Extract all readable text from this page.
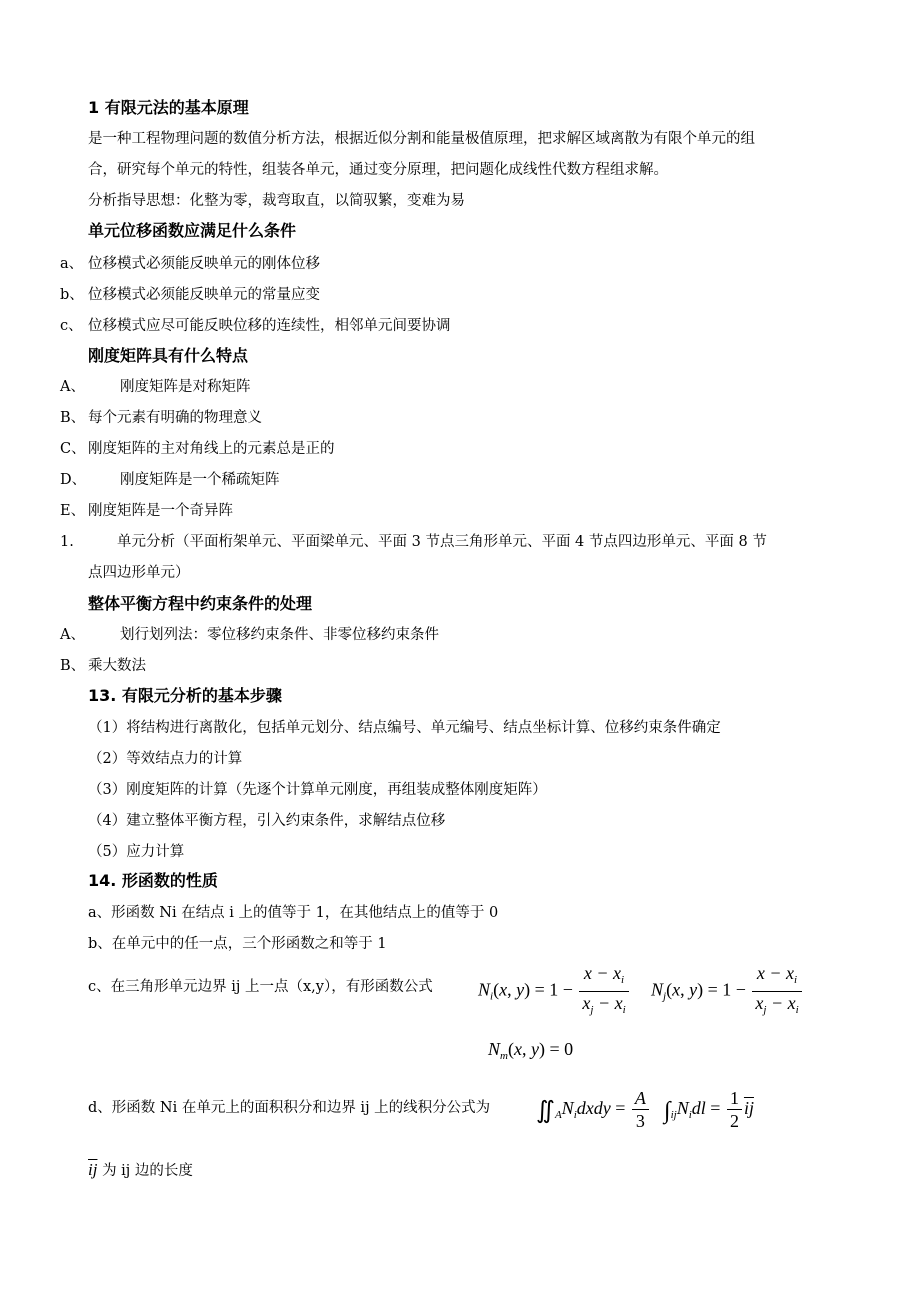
1 有限元法的基本原理
是一种工程物理问题的数值分析方法，根据近似分割和能量极值原理，把求解区域离散为有限个单元的组
合，研究每个单元的特性，组装各单元，通过变分原理，把问题化成线性代数方程组求解。
分析指导思想：化整为零，裁弯取直，以简驭繁，变难为易
单元位移函数应满足什么条件
a、 位移模式必须能反映单元的刚体位移
b、 位移模式必须能反映单元的常量应变
c、 位移模式应尽可能反映位移的连续性，相邻单元间要协调
刚度矩阵具有什么特点
A、 刚度矩阵是对称矩阵
B、 每个元素有明确的物理意义
C、 刚度矩阵的主对角线上的元素总是正的
D、 刚度矩阵是一个稀疏矩阵
E、 刚度矩阵是一个奇异阵
1.	单元分析（平面桁架单元、平面梁单元、平面 3 节点三角形单元、平面 4 节点四边形单元、平面 8 节
点四边形单元）
整体平衡方程中约束条件的处理
A、 划行划列法：零位移约束条件、非零位移约束条件
B、 乘大数法
13. 有限元分析的基本步骤
（1）将结构进行离散化，包括单元划分、结点编号、单元编号、结点坐标计算、位移约束条件确定
（2）等效结点力的计算
（3）刚度矩阵的计算（先逐个计算单元刚度，再组装成整体刚度矩阵）
（4）建立整体平衡方程，引入约束条件，求解结点位移
（5）应力计算
14. 形函数的性质
a、形函数 Ni 在结点 i 上的值等于 1，在其他结点上的值等于 0
b、在单元中的任一点，三个形函数之和等于 1
c、在三角形单元边界 ij 上一点（x,y），有形函数公式	$N_i(x$, $y) = 1 - \frac{x - x_i}{x_j - x_i} N_j(x$, $y) = 1 - \frac{x - x_i}{x_j - x_i}$
$N_m(x$, y) = 0
d、形函数 Ni 在单元上的面积积分和边界 ij 上的线积分公式为 $∬_AN_idxdy = \frac{A}{3} \int_{ij}N_idl = \frac{1}{2} \overline{ij}$
$\overline{ij}$ 为 ij 边的长度
